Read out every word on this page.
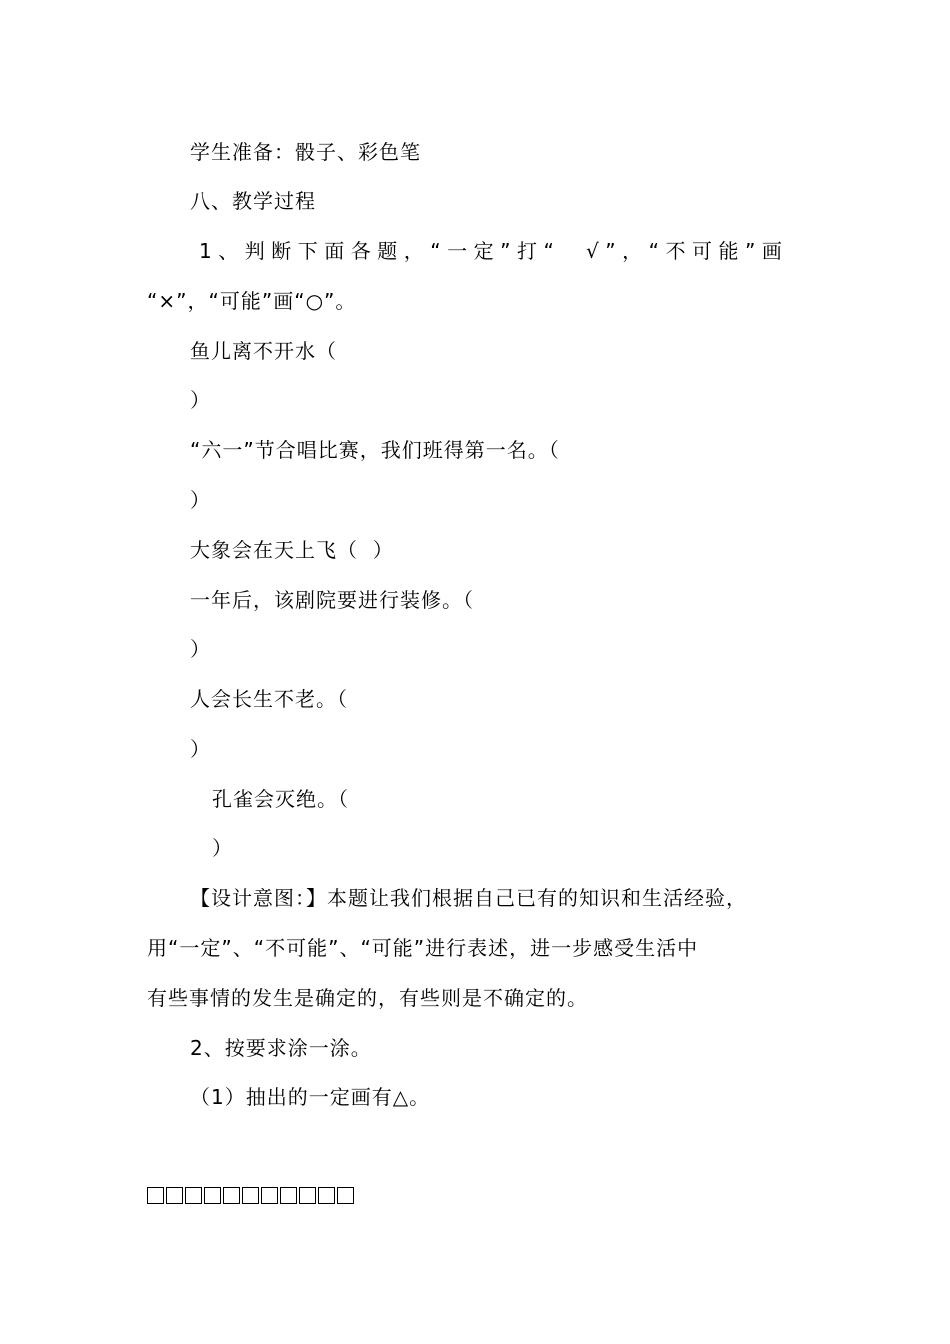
学生准备：骰子、彩色笔
八、教学过程
1、判断下面各题，“一定”打“  √”，“不可能”画
“×”，“可能”画“○”。
鱼儿离不开水（
）
“六一”节合唱比赛，我们班得第一名。（
）
大象会在天上飞（  ）
一年后，该剧院要进行装修。（
）
人会长生不老。（
）
孔雀会灭绝。（
）
【设计意图：】本题让我们根据自己已有的知识和生活经验，
用“一定”、“不可能”、“可能”进行表述，进一步感受生活中
有些事情的发生是确定的，有些则是不确定的。
2、按要求涂一涂。
（1）抽出的一定画有△。
